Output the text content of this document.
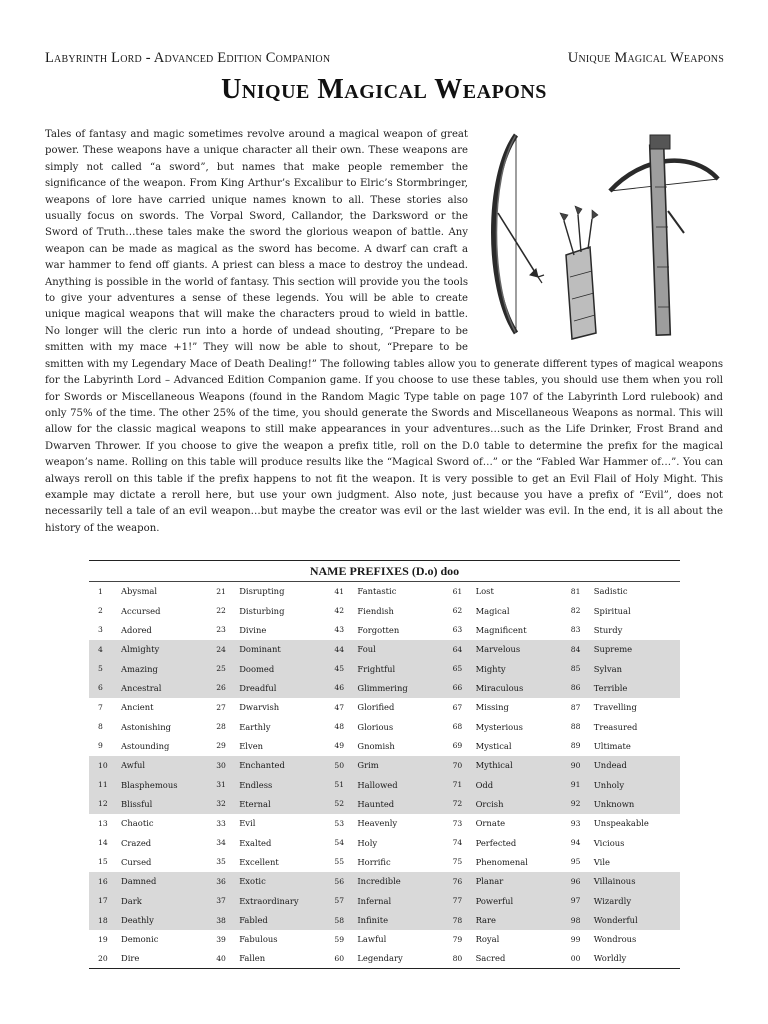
Labyrinth Lord - Advanced Edition Companion	Unique Magical Weapons
Unique Magical Weapons

Tales of fantasy and magic sometimes revolve around a magical weapon of great power. These weapons have a unique character all their own. These weapons are simply not called “a sword”, but names that make people remember the significance of the weapon. From King Arthur’s Excalibur to Elric’s Stormbringer, weapons of lore have carried unique names known to all. These stories also usually focus on swords. The Vorpal Sword, Callandor, the Darksword or the Sword of Truth…these tales make the sword the glorious weapon of battle. Any weapon can be made as magical as the sword has become. A dwarf can craft a war hammer to fend off giants. A priest can bless a mace to destroy the undead. Anything is possible in the world of fantasy. This section will provide you the tools to give your adventures a sense of these legends. You will be able to create unique magical weapons that will make the characters proud to wield in battle. No longer will the cleric run into a horde of undead shouting, “Prepare to be smitten with my mace +1!” They will now be able to shout, “Prepare to be smitten with my Legendary Mace of Death Dealing!” The following tables allow you to generate different types of magical weapons for the Labyrinth Lord – Advanced Edition Companion game. If you choose to use these tables, you should use them when you roll for Swords or Miscellaneous Weapons (found in the Random Magic Type table on page 107 of the Labyrinth Lord rulebook) and only 75% of the time. The other 25% of the time, you should generate the Swords and Miscellaneous Weapons as normal. This will allow for the classic magical weapons to still make appearances in your adventures…such as the Life Drinker, Frost Brand and Dwarven Thrower. If you choose to give the weapon a prefix title, roll on the D.0 table to determine the prefix for the magical weapon’s name. Rolling on this table will produce results like the “Magical Sword of…” or the “Fabled War Hammer of…”. You can always reroll on this table if the prefix happens to not fit the weapon. It is very possible to get an Evil Flail of Holy Might. This example may dictate a reroll here, but use your own judgment. Also note, just because you have a prefix of “Evil”, does not necessarily tell a tale of an evil weapon…but maybe the creator was evil or the last wielder was evil. In the end, it is all about the history of the weapon.

NAME PREFIXES (D.o) doo									
1	Abysmal	21	Disrupting	41	Fantastic	61	Lost	81	Sadistic
2	Accursed	22	Disturbing	42	Fiendish	62	Magical	82	Spiritual
3	Adored	23	Divine	43	Forgotten	63	Magnificent	83	Sturdy
4	Almighty	24	Dominant	44	Foul	64	Marvelous	84	Supreme
5	Amazing	25	Doomed	45	Frightful	65	Mighty	85	Sylvan
6	Ancestral	26	Dreadful	46	Glimmering	66	Miraculous	86	Terrible
7	Ancient	27	Dwarvish	47	Glorified	67	Missing	87	Travelling
8	Astonishing	28	Earthly	48	Glorious	68	Mysterious	88	Treasured
9	Astounding	29	Elven	49	Gnomish	69	Mystical	89	Ultimate
10	Awful	30	Enchanted	50	Grim	70	Mythical	90	Undead
11	Blasphemous	31	Endless	51	Hallowed	71	Odd	91	Unholy
12	Blissful	32	Eternal	52	Haunted	72	Orcish	92	Unknown
13	Chaotic	33	Evil	53	Heavenly	73	Ornate	93	Unspeakable
14	Crazed	34	Exalted	54	Holy	74	Perfected	94	Vicious
15	Cursed	35	Excellent	55	Horrific	75	Phenomenal	95	Vile
16	Damned	36	Exotic	56	Incredible	76	Planar	96	Villainous
17	Dark	37	Extraordinary	57	Infernal	77	Powerful	97	Wizardly
18	Deathly	38	Fabled	58	Infinite	78	Rare	98	Wonderful
19	Demonic	39	Fabulous	59	Lawful	79	Royal	99	Wondrous
20	Dire	40	Fallen	60	Legendary	80	Sacred	00	Worldly
